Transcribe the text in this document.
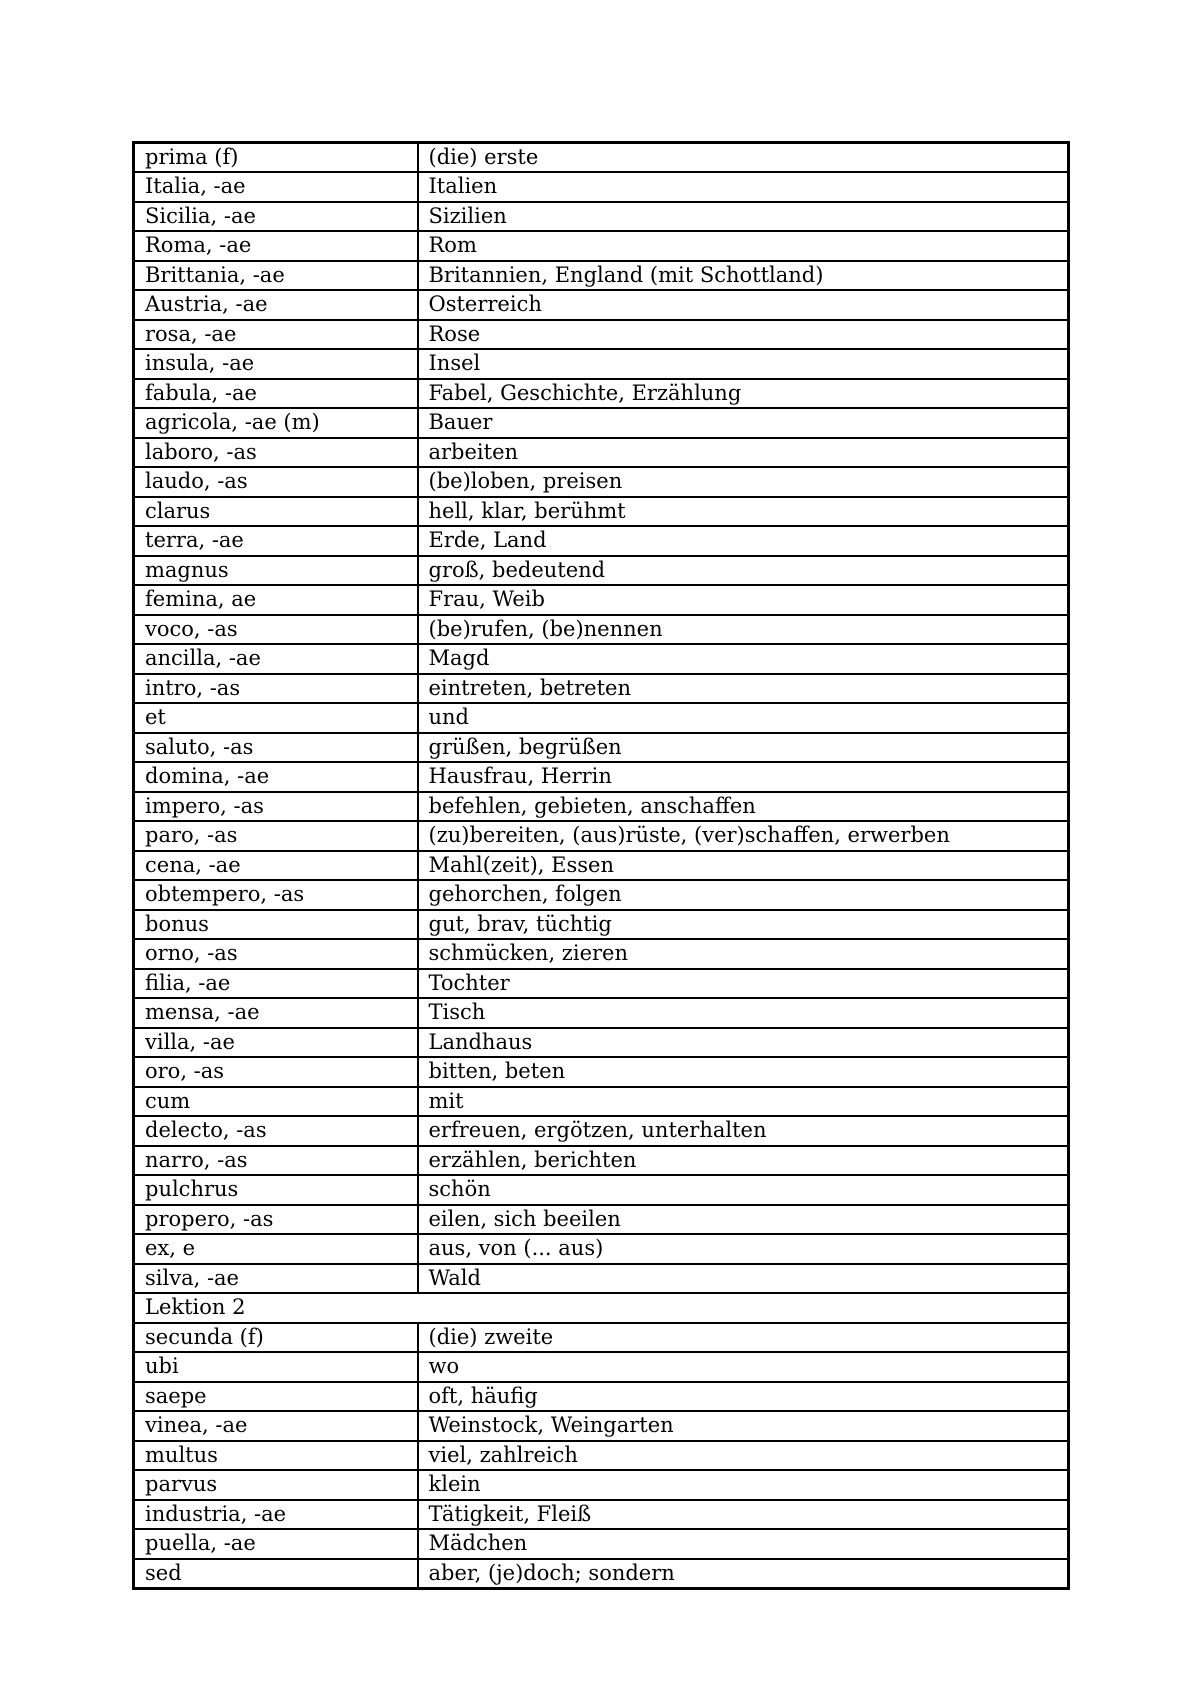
prima (f)	(die) erste
Italia, -ae	Italien
Sicilia, -ae	Sizilien
Roma, -ae	Rom
Brittania, -ae	Britannien, England (mit Schottland)
Austria, -ae	Osterreich
rosa, -ae	Rose
insula, -ae	Insel
fabula, -ae	Fabel, Geschichte, Erzählung
agricola, -ae (m)	Bauer
laboro, -as	arbeiten
laudo, -as	(be)loben, preisen
clarus	hell, klar, berühmt
terra, -ae	Erde, Land
magnus	groß, bedeutend
femina, ae	Frau, Weib
voco, -as	(be)rufen, (be)nennen
ancilla, -ae	Magd
intro, -as	eintreten, betreten
et	und
saluto, -as	grüßen, begrüßen
domina, -ae	Hausfrau, Herrin
impero, -as	befehlen, gebieten, anschaffen
paro, -as	(zu)bereiten, (aus)rüste, (ver)schaffen, erwerben
cena, -ae	Mahl(zeit), Essen
obtempero, -as	gehorchen, folgen
bonus	gut, brav, tüchtig
orno, -as	schmücken, zieren
filia, -ae	Tochter
mensa, -ae	Tisch
villa, -ae	Landhaus
oro, -as	bitten, beten
cum	mit
delecto, -as	erfreuen, ergötzen, unterhalten
narro, -as	erzählen, berichten
pulchrus	schön
propero, -as	eilen, sich beeilen
ex, e	aus, von (... aus)
silva, -ae	Wald
Lektion 2	
secunda (f)	(die) zweite
ubi	wo
saepe	oft, häufig
vinea, -ae	Weinstock, Weingarten
multus	viel, zahlreich
parvus	klein
industria, -ae	Tätigkeit, Fleiß
puella, -ae	Mädchen
sed	aber, (je)doch; sondern
